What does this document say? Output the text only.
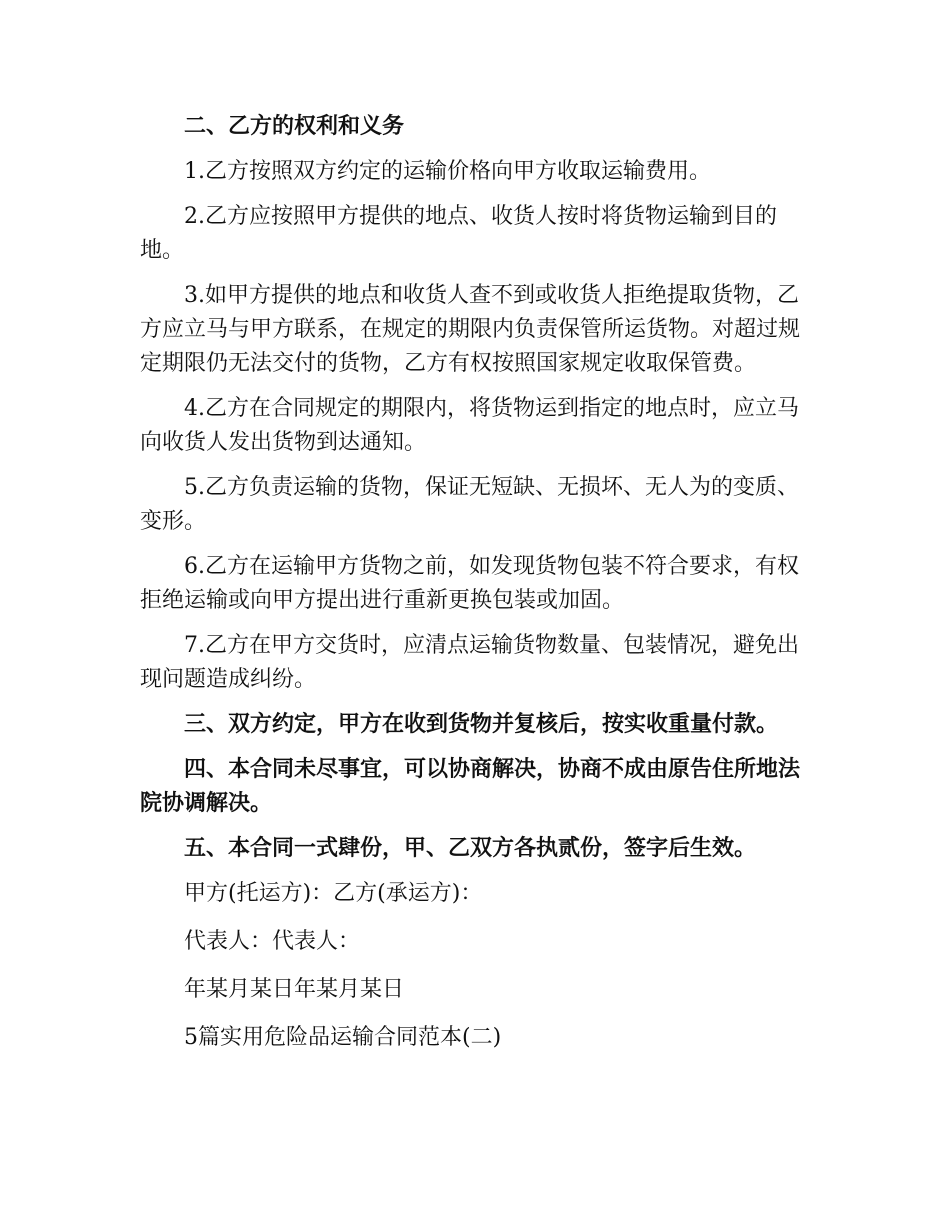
二、乙方的权利和义务

1.乙方按照双方约定的运输价格向甲方收取运输费用。

2.乙方应按照甲方提供的地点、收货人按时将货物运输到目的地。

3.如甲方提供的地点和收货人查不到或收货人拒绝提取货物，乙方应立马与甲方联系，在规定的期限内负责保管所运货物。对超过规定期限仍无法交付的货物，乙方有权按照国家规定收取保管费。

4.乙方在合同规定的期限内，将货物运到指定的地点时，应立马向收货人发出货物到达通知。

5.乙方负责运输的货物，保证无短缺、无损坏、无人为的变质、变形。

6.乙方在运输甲方货物之前，如发现货物包装不符合要求，有权拒绝运输或向甲方提出进行重新更换包装或加固。

7.乙方在甲方交货时，应清点运输货物数量、包装情况，避免出现问题造成纠纷。

三、双方约定，甲方在收到货物并复核后，按实收重量付款。

四、本合同未尽事宜，可以协商解决，协商不成由原告住所地法院协调解决。

五、本合同一式肆份，甲、乙双方各执贰份，签字后生效。

甲方(托运方)：乙方(承运方)：

代表人：代表人：

年某月某日年某月某日

5篇实用危险品运输合同范本(二)
